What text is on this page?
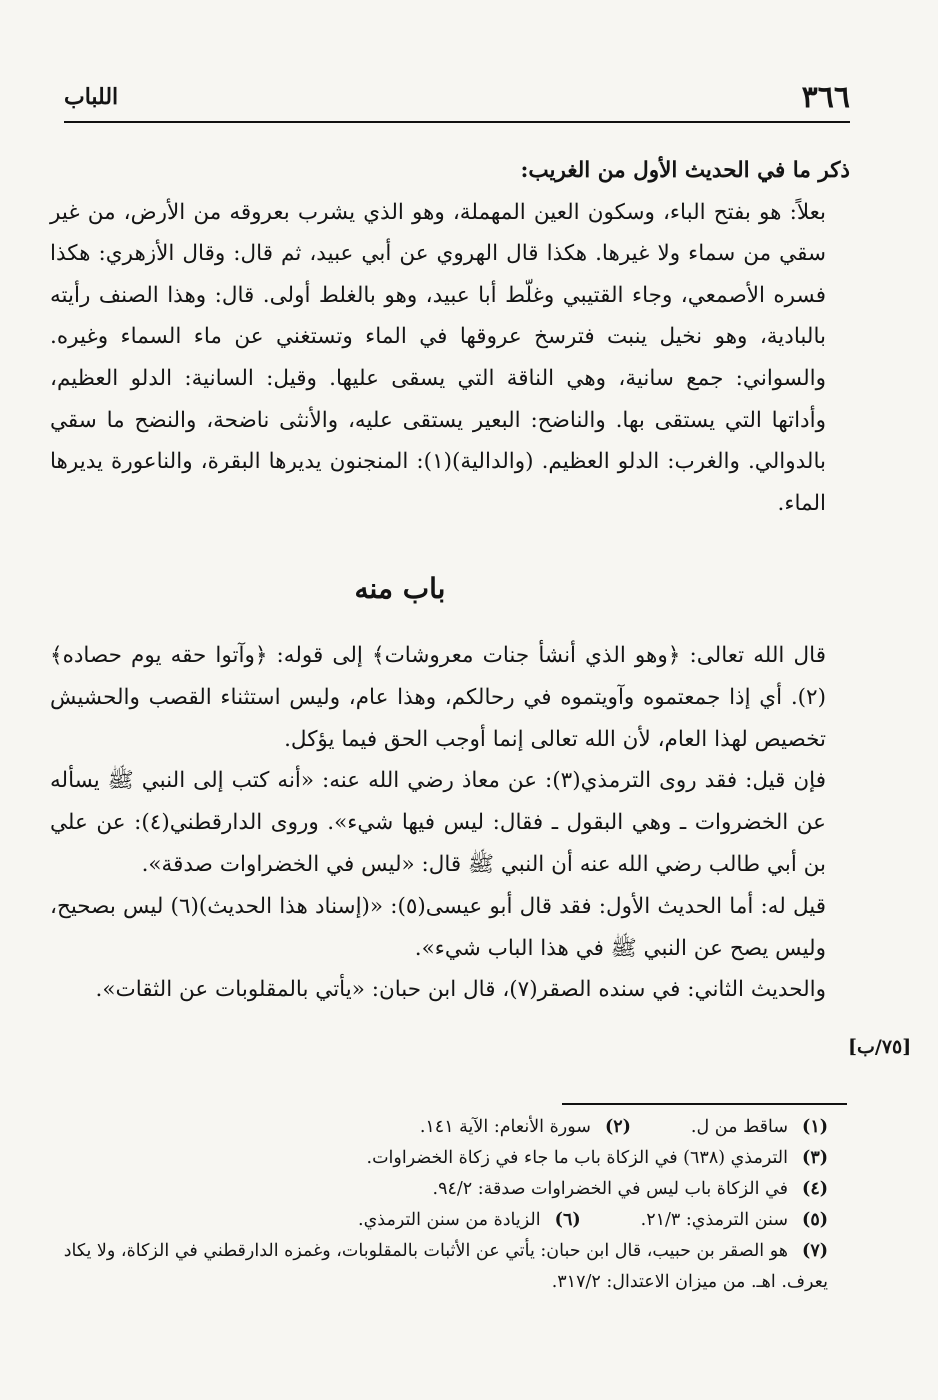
٣٦٦
اللباب

ذكر ما في الحديث الأول من الغريب:

بعلاً: هو بفتح الباء، وسكون العين المهملة، وهو الذي يشرب بعروقه من الأرض، من غير سقي من سماء ولا غيرها. هكذا قال الهروي عن أبي عبيد، ثم قال: وقال الأزهري: هكذا فسره الأصمعي، وجاء القتيبي وغلّط أبا عبيد، وهو بالغلط أولى. قال: وهذا الصنف رأيته بالبادية، وهو نخيل ينبت فترسخ عروقها في الماء وتستغني عن ماء السماء وغيره. والسواني: جمع سانية، وهي الناقة التي يسقى عليها. وقيل: السانية: الدلو العظيم، وأداتها التي يستقى بها. والناضح: البعير يستقى عليه، والأنثى ناضحة، والنضح ما سقي بالدوالي. والغرب: الدلو العظيم. (والدالية)(١): المنجنون يديرها البقرة، والناعورة يديرها الماء.

باب منه

قال الله تعالى: ﴿وهو الذي أنشأ جنات معروشات﴾ إلى قوله: ﴿وآتوا حقه يوم حصاده﴾(٢). أي إذا جمعتموه وآويتموه في رحالكم، وهذا عام، وليس استثناء القصب والحشيش تخصيص لهذا العام، لأن الله تعالى إنما أوجب الحق فيما يؤكل.

فإن قيل: فقد روى الترمذي(٣): عن معاذ رضي الله عنه: «أنه كتب إلى النبي ﷺ يسأله عن الخضروات ـ وهي البقول ـ فقال: ليس فيها شيء». وروى الدارقطني(٤): عن علي بن أبي طالب رضي الله عنه أن النبي ﷺ قال: «ليس في الخضراوات صدقة».

قيل له: أما الحديث الأول: فقد قال أبو عيسى(٥): «(إسناد هذا الحديث)(٦) ليس بصحيح، وليس يصح عن النبي ﷺ في هذا الباب شيء».

والحديث الثاني: في سنده الصقر(٧)، قال ابن حبان: «يأتي بالمقلوبات عن الثقات».

[٧٥/ب]

(١)ساقط من ل.(٢)سورة الأنعام: الآية ١٤١.

(٣)الترمذي (٦٣٨) في الزكاة باب ما جاء في زكاة الخضراوات.

(٤)في الزكاة باب ليس في الخضراوات صدقة: ٩٤/٢.

(٥)سنن الترمذي: ٢١/٣.(٦)الزيادة من سنن الترمذي.

(٧)هو الصقر بن حبيب، قال ابن حبان: يأتي عن الأثبات بالمقلوبات، وغمزه الدارقطني في الزكاة، ولا يكاد يعرف. اهـ. من ميزان الاعتدال: ٣١٧/٢.
